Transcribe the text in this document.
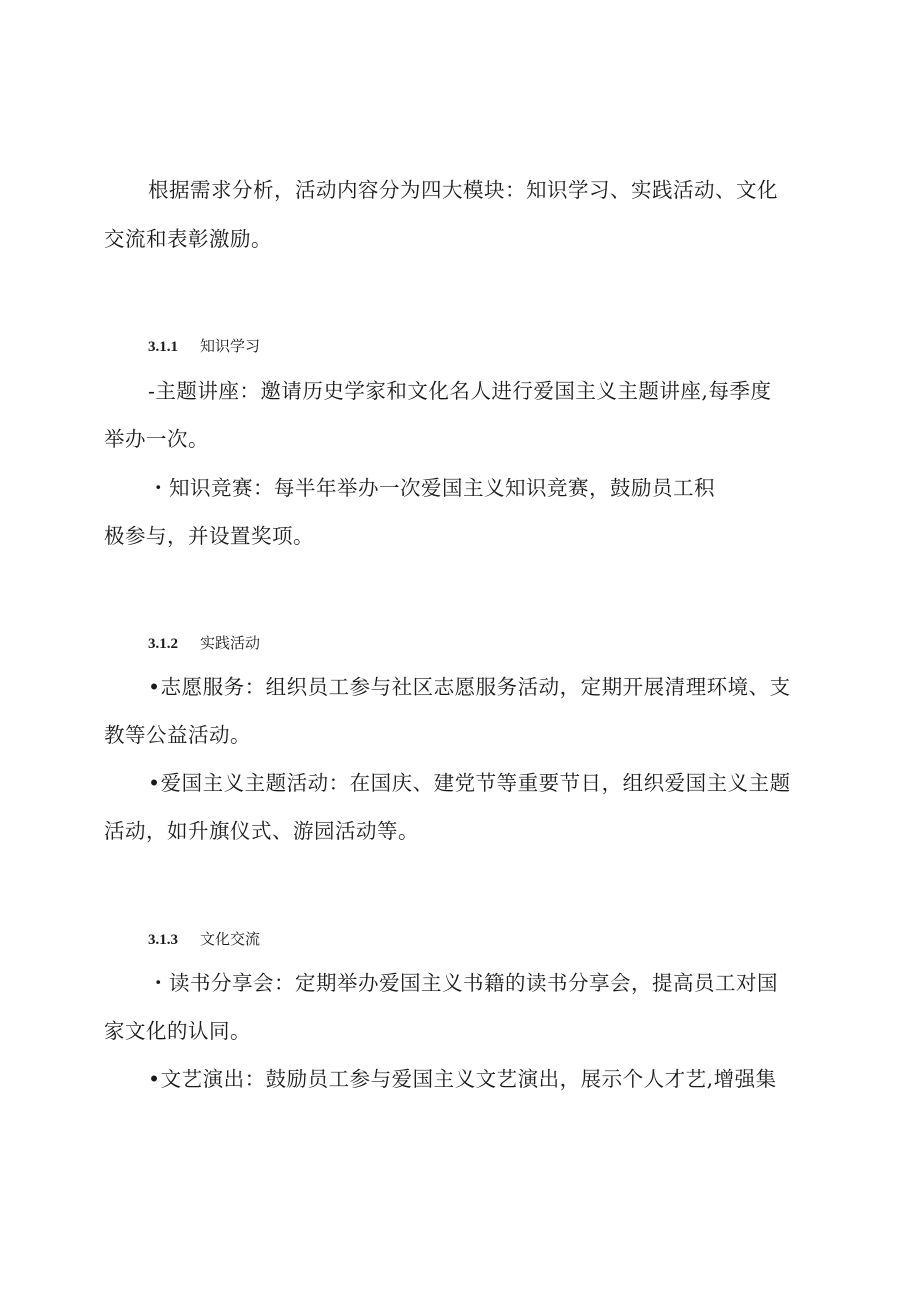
根据需求分析，活动内容分为四大模块：知识学习、实践活动、文化
交流和表彰激励。
3.1.1 知识学习
-主题讲座：邀请历史学家和文化名人进行爱国主义主题讲座,每季度
举办一次。
・知识竞赛：每半年举办一次爱国主义知识竞赛，鼓励员工积
极参与，并设置奖项。
3.1.2 实践活动
•志愿服务：组织员工参与社区志愿服务活动，定期开展清理环境、支
教等公益活动。
•爱国主义主题活动：在国庆、建党节等重要节日，组织爱国主义主题
活动，如升旗仪式、游园活动等。
3.1.3 文化交流
・读书分享会：定期举办爱国主义书籍的读书分享会，提高员工对国
家文化的认同。
•文艺演出：鼓励员工参与爱国主义文艺演出，展示个人才艺,增强集
